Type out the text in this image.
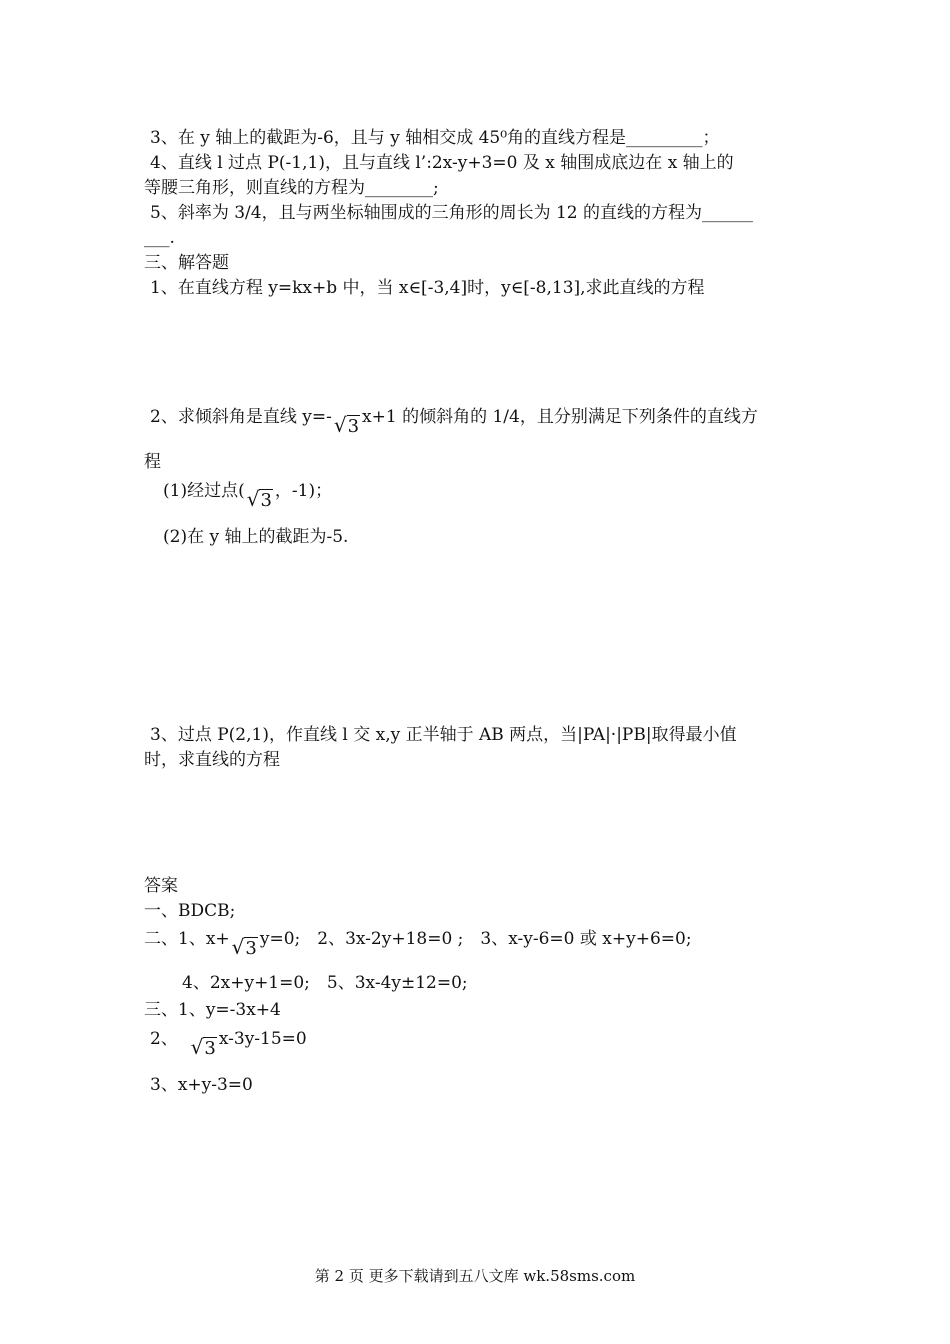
3、在 y 轴上的截距为-6，且与 y 轴相交成 45⁰角的直线方程是_________；
4、直线 l 过点 P(-1,1)，且与直线 l’:2x-y+3=0 及 x 轴围成底边在 x 轴上的
等腰三角形，则直线的方程为________;
5、斜率为 3/4，且与两坐标轴围成的三角形的周长为 12 的直线的方程为______
___.
三、解答题
1、在直线方程 y=kx+b 中，当 x∈[-3,4]时，y∈[-8,13],求此直线的方程
2、求倾斜角是直线 y=- √3 x+1 的倾斜角的 1/4，且分别满足下列条件的直线方
程
(1)经过点( √3 ，-1)；
(2)在 y 轴上的截距为-5.
3、过点 P(2,1)，作直线 l 交 x,y 正半轴于 AB 两点，当|PA|·|PB|取得最小值
时，求直线的方程
答案
一、BDCB;
二、1、x+ √3 y=0;　2、3x-2y+18=0 ;　3、x-y-6=0 或 x+y+6=0;
4、2x+y+1=0;　5、3x-4y±12=0;
三、1、y=-3x+4
2、 √3 x-3y-15=0
3、x+y-3=0
第 2 页 更多下载请到五八文库 wk.58sms.com
